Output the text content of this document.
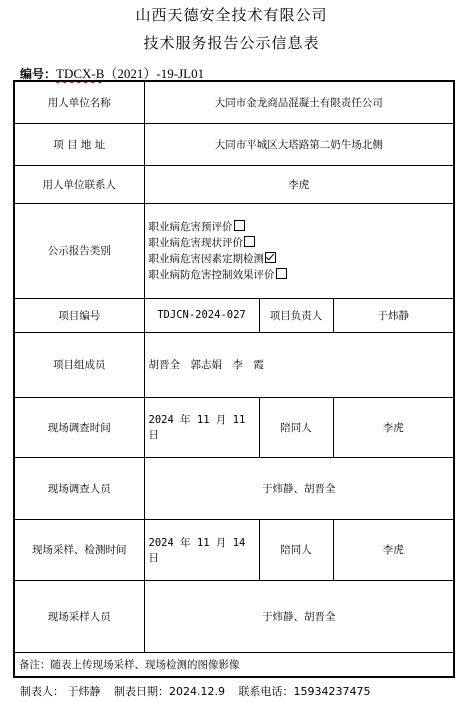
山西天德安全技术有限公司
技术服务报告公示信息表
编号：TDCX-B（2021）-19-JL01
用人单位名称	大同市金龙商品混凝土有限责任公司		
项 目 地 址	大同市平城区大塔路第二奶牛场北侧		
用人单位联系人	李虎		
公示报告类别	职业病危害预评价
职业病危害现状评价
职业病危害因素定期检测
职业病防危害控制效果评价		

项目编号	TDJCN-2024-027	项目负责人	于炜静
项目组成员	胡晋全　郭志娟　李　霞		
现场调查时间	2024 年 11 月 11 日	陪同人	李虎
现场调查人员	于炜静、胡晋全		
现场采样、检测时间	2024 年 11 月 14 日	陪同人	李虎
现场采样人员	于炜静、胡晋全		
备注：随表上传现场采样、现场检测的图像影像			
制表人： 于炜静 制表日期：2024.12.9 联系电话：15934237475
